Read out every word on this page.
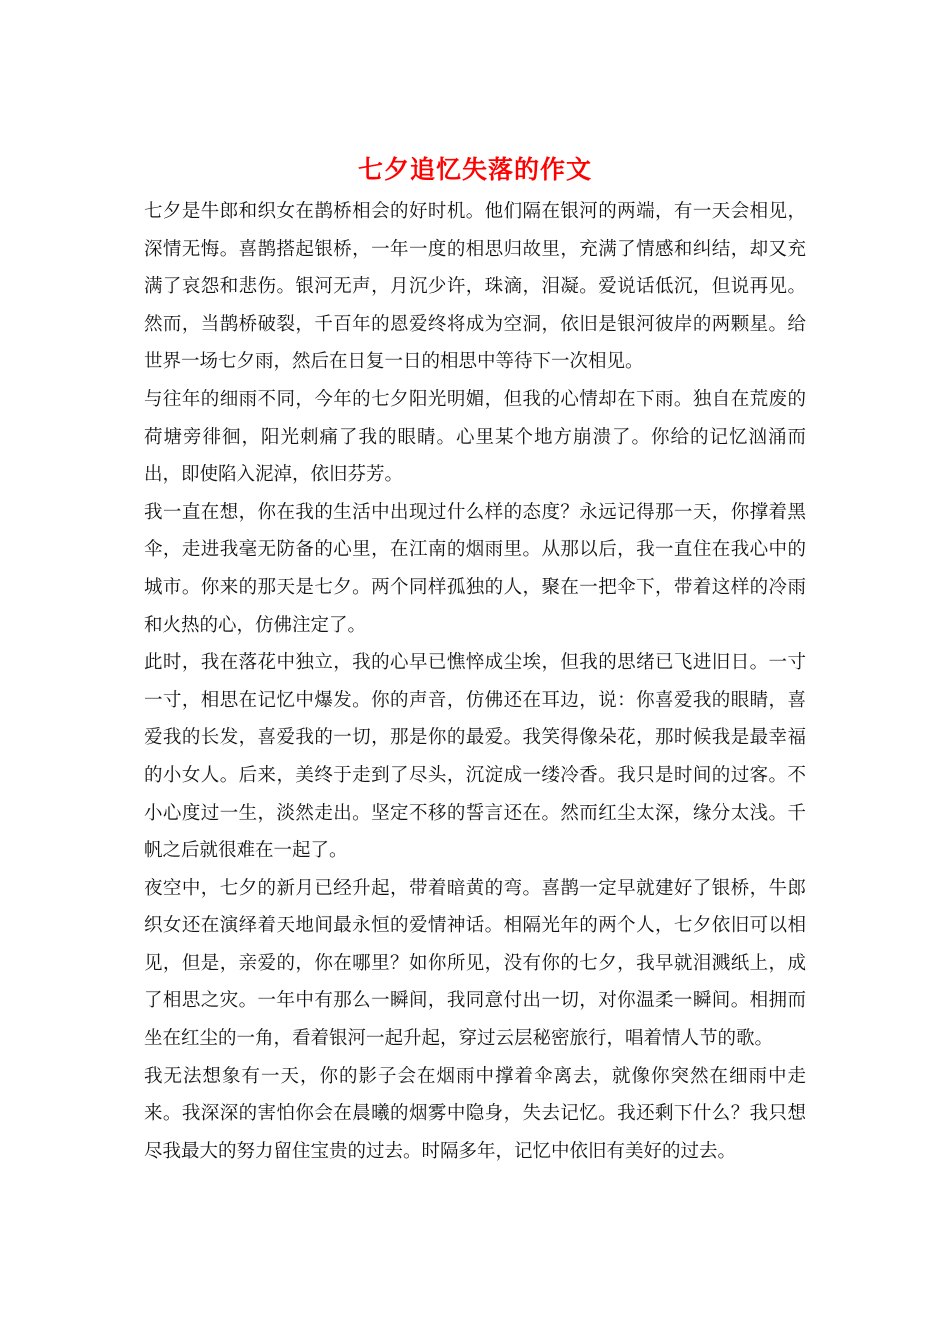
七夕追忆失落的作文

七夕是牛郎和织女在鹊桥相会的好时机。他们隔在银河的两端，有一天会相见，深情无悔。喜鹊搭起银桥，一年一度的相思归故里，充满了情感和纠结，却又充满了哀怨和悲伤。银河无声，月沉少许，珠滴，泪凝。爱说话低沉，但说再见。然而，当鹊桥破裂，千百年的恩爱终将成为空洞，依旧是银河彼岸的两颗星。给世界一场七夕雨，然后在日复一日的相思中等待下一次相见。

与往年的细雨不同，今年的七夕阳光明媚，但我的心情却在下雨。独自在荒废的荷塘旁徘徊，阳光刺痛了我的眼睛。心里某个地方崩溃了。你给的记忆汹涌而出，即使陷入泥淖，依旧芬芳。

我一直在想，你在我的生活中出现过什么样的态度？永远记得那一天，你撑着黑伞，走进我毫无防备的心里，在江南的烟雨里。从那以后，我一直住在我心中的城市。你来的那天是七夕。两个同样孤独的人，聚在一把伞下，带着这样的冷雨和火热的心，仿佛注定了。

此时，我在落花中独立，我的心早已憔悴成尘埃，但我的思绪已飞进旧日。一寸一寸，相思在记忆中爆发。你的声音，仿佛还在耳边，说：你喜爱我的眼睛，喜爱我的长发，喜爱我的一切，那是你的最爱。我笑得像朵花，那时候我是最幸福的小女人。后来，美终于走到了尽头，沉淀成一缕冷香。我只是时间的过客。不小心度过一生，淡然走出。坚定不移的誓言还在。然而红尘太深，缘分太浅。千帆之后就很难在一起了。

夜空中，七夕的新月已经升起，带着暗黄的弯。喜鹊一定早就建好了银桥，牛郎织女还在演绎着天地间最永恒的爱情神话。相隔光年的两个人，七夕依旧可以相见，但是，亲爱的，你在哪里？如你所见，没有你的七夕，我早就泪溅纸上，成了相思之灾。一年中有那么一瞬间，我同意付出一切，对你温柔一瞬间。相拥而坐在红尘的一角，看着银河一起升起，穿过云层秘密旅行，唱着情人节的歌。

我无法想象有一天，你的影子会在烟雨中撑着伞离去，就像你突然在细雨中走来。我深深的害怕你会在晨曦的烟雾中隐身，失去记忆。我还剩下什么？我只想尽我最大的努力留住宝贵的过去。时隔多年，记忆中依旧有美好的过去。
